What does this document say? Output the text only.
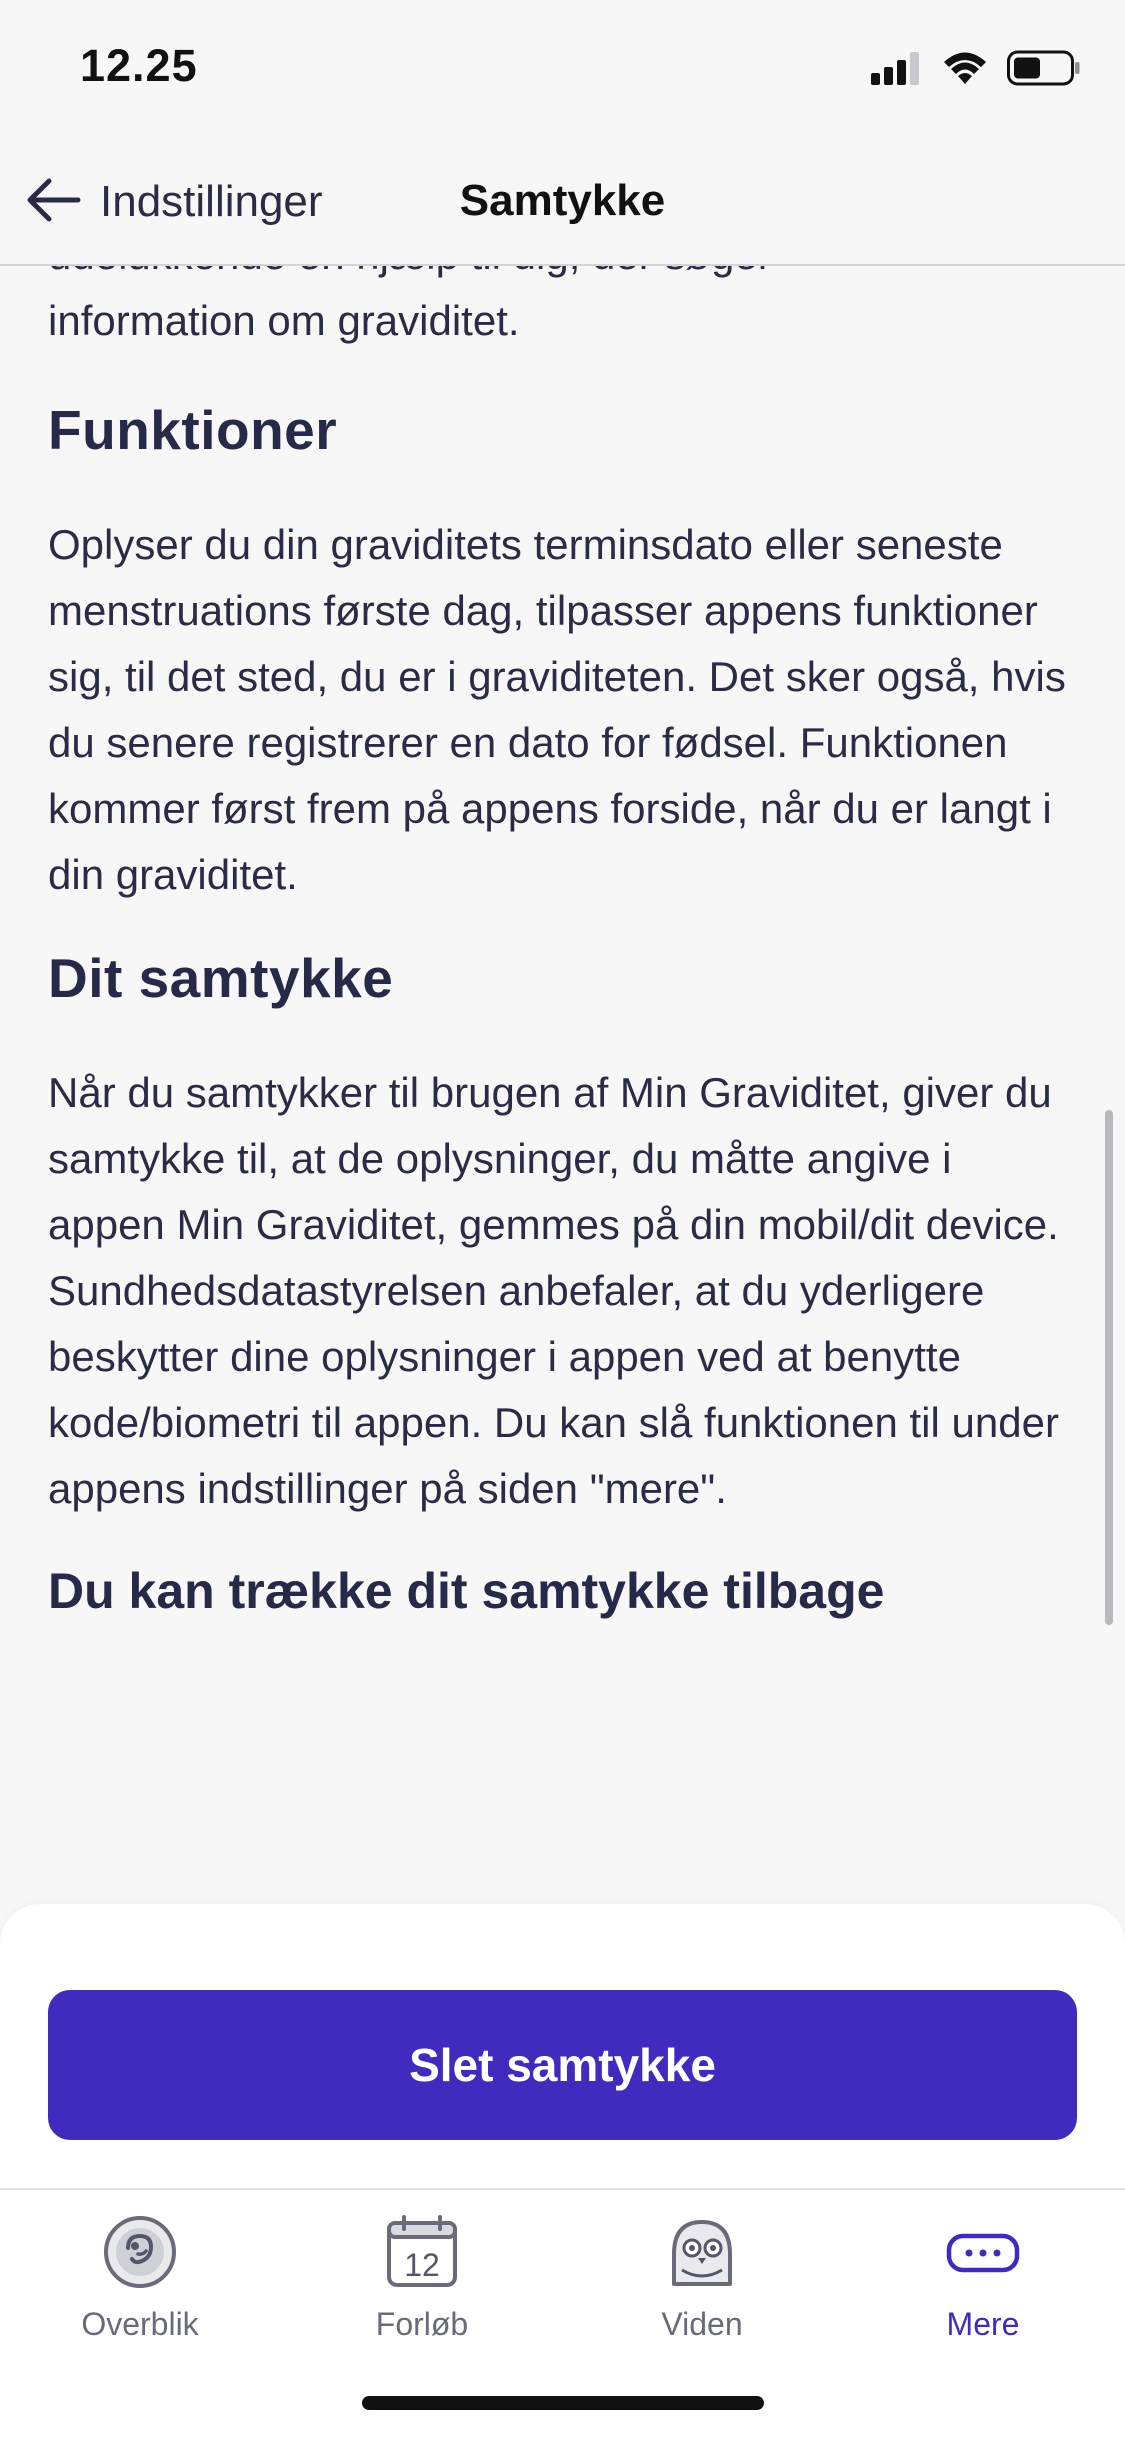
12.25
Indstillinger	Samtykke

information om graviditet.

Funktioner

Oplyser du din graviditets terminsdato eller seneste menstruations første dag, tilpasser appens funktioner sig, til det sted, du er i graviditeten. Det sker også, hvis du senere registrerer en dato for fødsel. Funktionen kommer først frem på appens forside, når du er langt i din graviditet.

Dit samtykke

Når du samtykker til brugen af Min Graviditet, giver du samtykke til, at de oplysninger, du måtte angive i appen Min Graviditet, gemmes på din mobil/dit device. Sundhedsdatastyrelsen anbefaler, at du yderligere beskytter dine oplysninger i appen ved at benytte kode/biometri til appen. Du kan slå funktionen til under appens indstillinger på siden "mere".

Du kan trække dit samtykke tilbage
Slet samtykke
Overblik
12
Forløb	Viden	Mere
